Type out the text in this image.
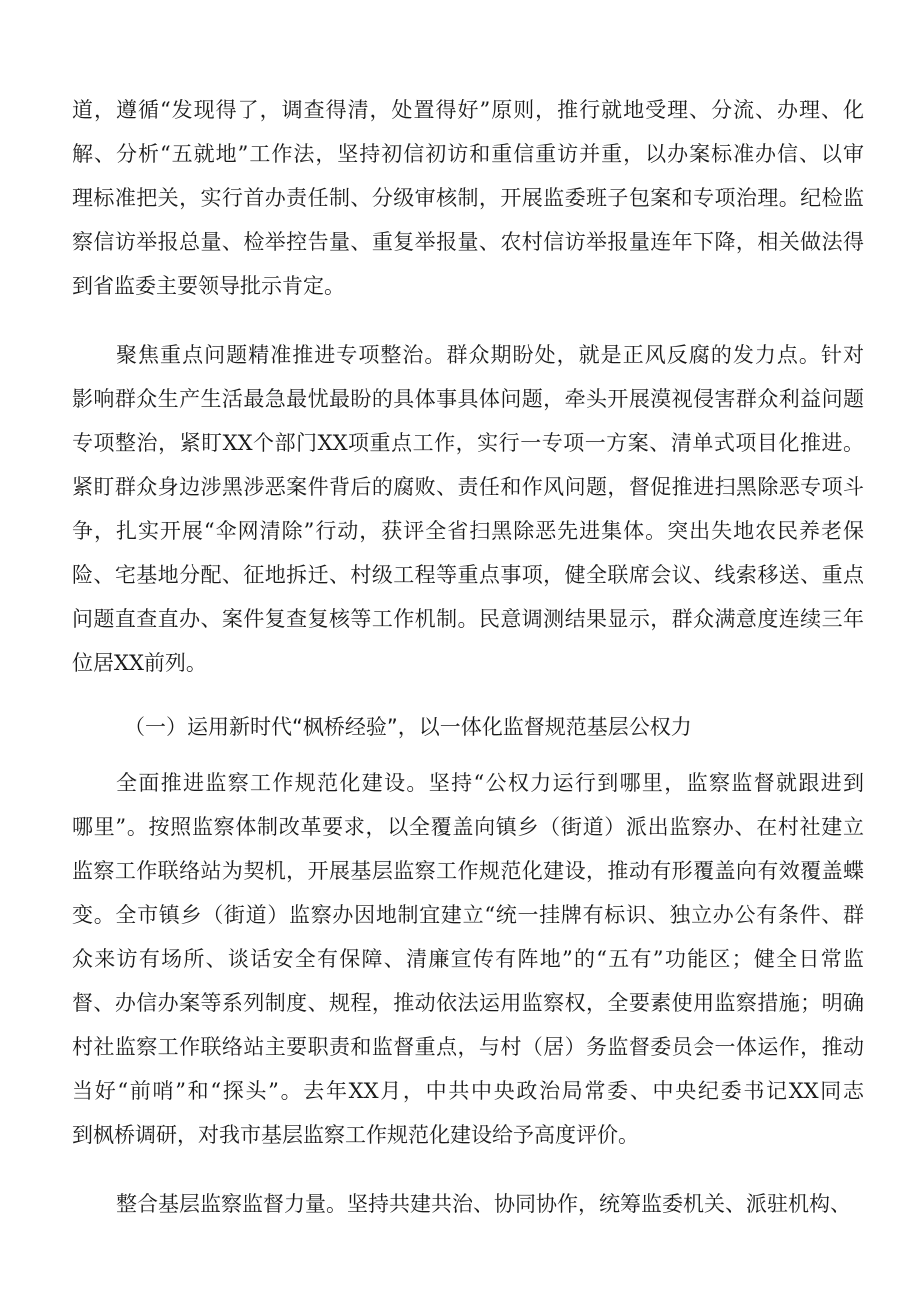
道，遵循“发现得了，调查得清，处置得好”原则，推行就地受理、分流、办理、化
解、分析“五就地”工作法，坚持初信初访和重信重访并重，以办案标准办信、以审
理标准把关，实行首办责任制、分级审核制，开展监委班子包案和专项治理。纪检监
察信访举报总量、检举控告量、重复举报量、农村信访举报量连年下降，相关做法得
到省监委主要领导批示肯定。
聚焦重点问题精准推进专项整治。群众期盼处，就是正风反腐的发力点。针对
影响群众生产生活最急最忧最盼的具体事具体问题，牵头开展漠视侵害群众利益问题
专项整治，紧盯XX个部门XX项重点工作，实行一专项一方案、清单式项目化推进。
紧盯群众身边涉黑涉恶案件背后的腐败、责任和作风问题，督促推进扫黑除恶专项斗
争，扎实开展“伞网清除”行动，获评全省扫黑除恶先进集体。突出失地农民养老保
险、宅基地分配、征地拆迁、村级工程等重点事项，健全联席会议、线索移送、重点
问题直查直办、案件复查复核等工作机制。民意调测结果显示，群众满意度连续三年
位居XX前列。
（一）运用新时代“枫桥经验”，以一体化监督规范基层公权力
全面推进监察工作规范化建设。坚持“公权力运行到哪里，监察监督就跟进到
哪里”。按照监察体制改革要求，以全覆盖向镇乡（街道）派出监察办、在村社建立
监察工作联络站为契机，开展基层监察工作规范化建设，推动有形覆盖向有效覆盖蝶
变。全市镇乡（街道）监察办因地制宜建立“统一挂牌有标识、独立办公有条件、群
众来访有场所、谈话安全有保障、清廉宣传有阵地”的“五有”功能区；健全日常监
督、办信办案等系列制度、规程，推动依法运用监察权，全要素使用监察措施；明确
村社监察工作联络站主要职责和监督重点，与村（居）务监督委员会一体运作，推动
当好“前哨”和“探头”。去年XX月，中共中央政治局常委、中央纪委书记XX同志
到枫桥调研，对我市基层监察工作规范化建设给予高度评价。
整合基层监察监督力量。坚持共建共治、协同协作，统筹监委机关、派驻机构、
